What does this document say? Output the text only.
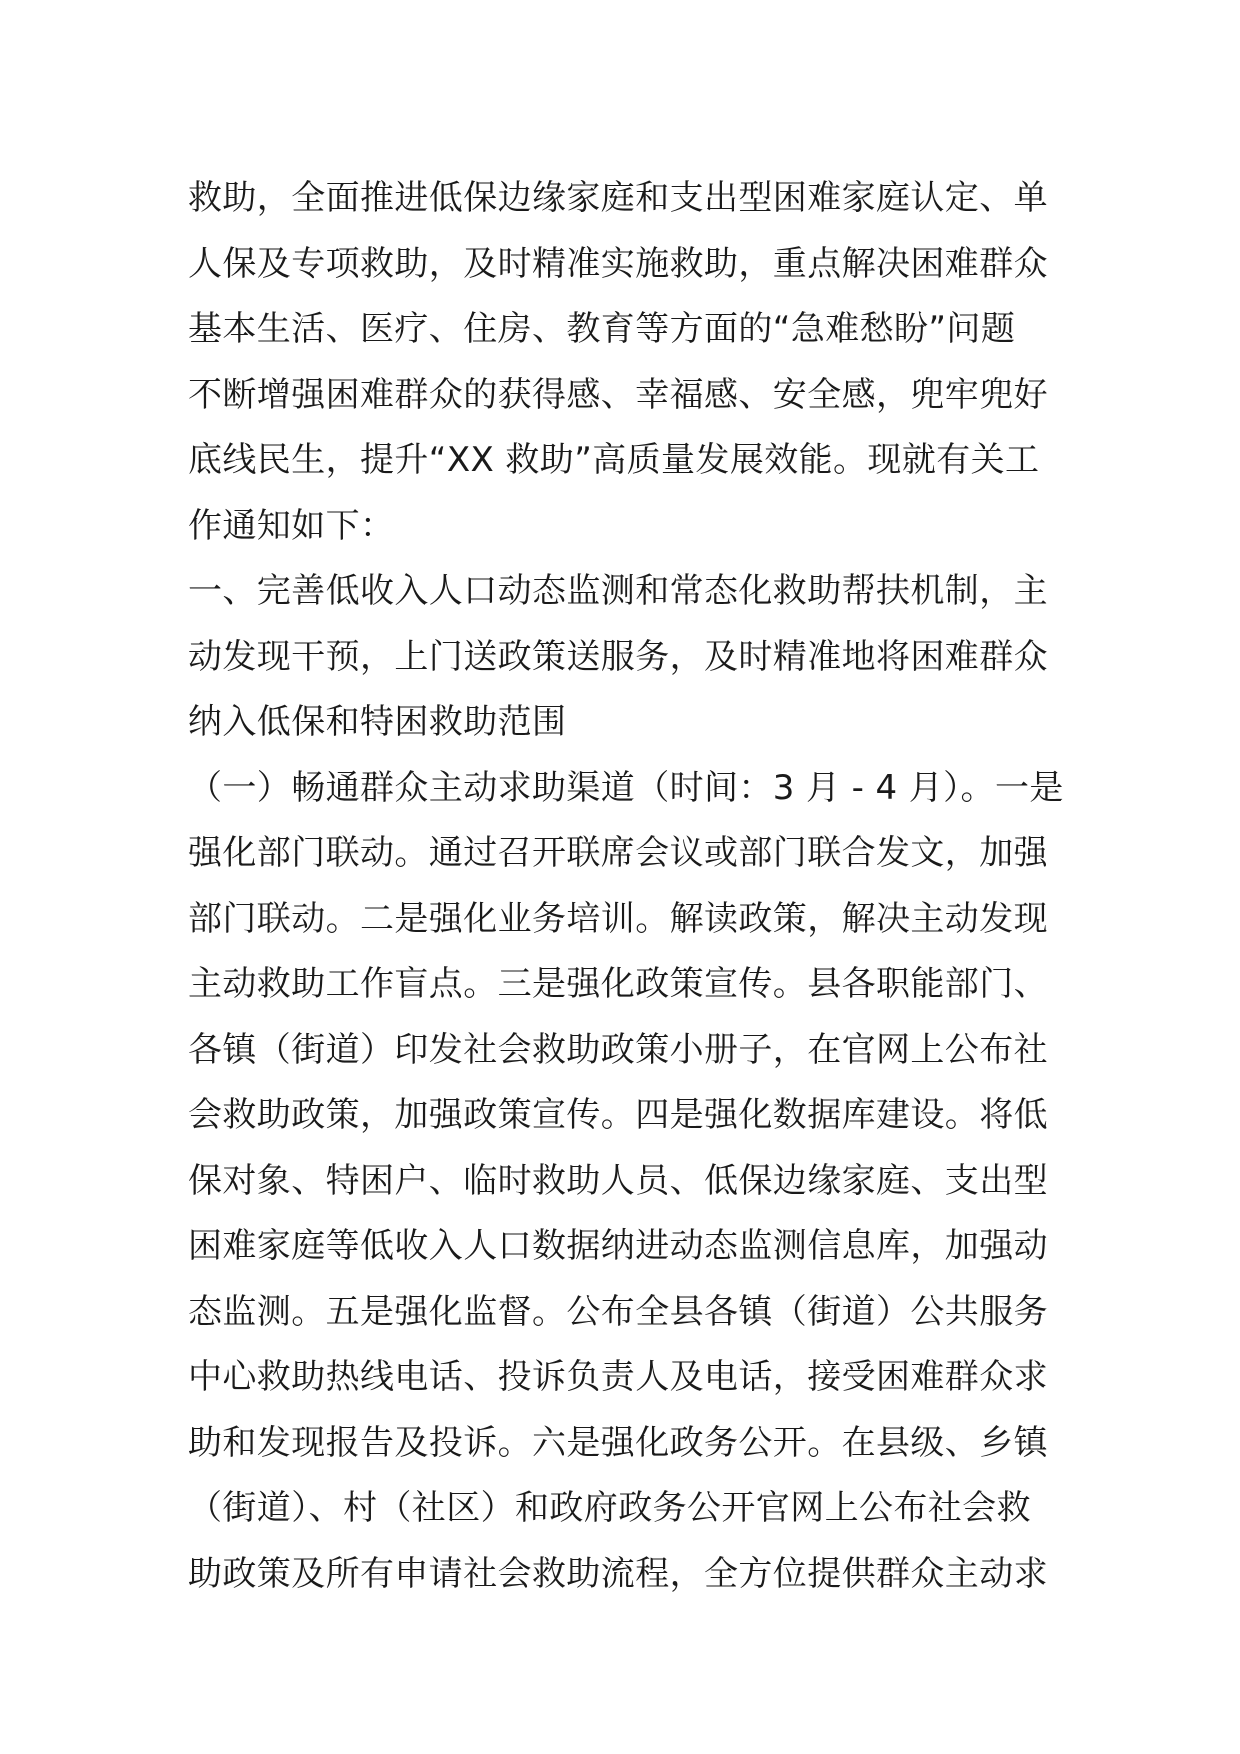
救助，全面推进低保边缘家庭和支出型困难家庭认定、单
人保及专项救助，及时精准实施救助，重点解决困难群众
基本生活、医疗、住房、教育等方面的“急难愁盼”问题
不断增强困难群众的获得感、幸福感、安全感，兜牢兜好
底线民生，提升“XX 救助”高质量发展效能。现就有关工
作通知如下：
一、完善低收入人口动态监测和常态化救助帮扶机制，主
动发现干预，上门送政策送服务，及时精准地将困难群众
纳入低保和特困救助范围
（一）畅通群众主动求助渠道（时间：3 月 - 4 月）。一是
强化部门联动。通过召开联席会议或部门联合发文，加强
部门联动。二是强化业务培训。解读政策，解决主动发现
主动救助工作盲点。三是强化政策宣传。县各职能部门、
各镇（街道）印发社会救助政策小册子，在官网上公布社
会救助政策，加强政策宣传。四是强化数据库建设。将低
保对象、特困户、临时救助人员、低保边缘家庭、支出型
困难家庭等低收入人口数据纳进动态监测信息库，加强动
态监测。五是强化监督。公布全县各镇（街道）公共服务
中心救助热线电话、投诉负责人及电话，接受困难群众求
助和发现报告及投诉。六是强化政务公开。在县级、乡镇
（街道）、村（社区）和政府政务公开官网上公布社会救
助政策及所有申请社会救助流程，全方位提供群众主动求
